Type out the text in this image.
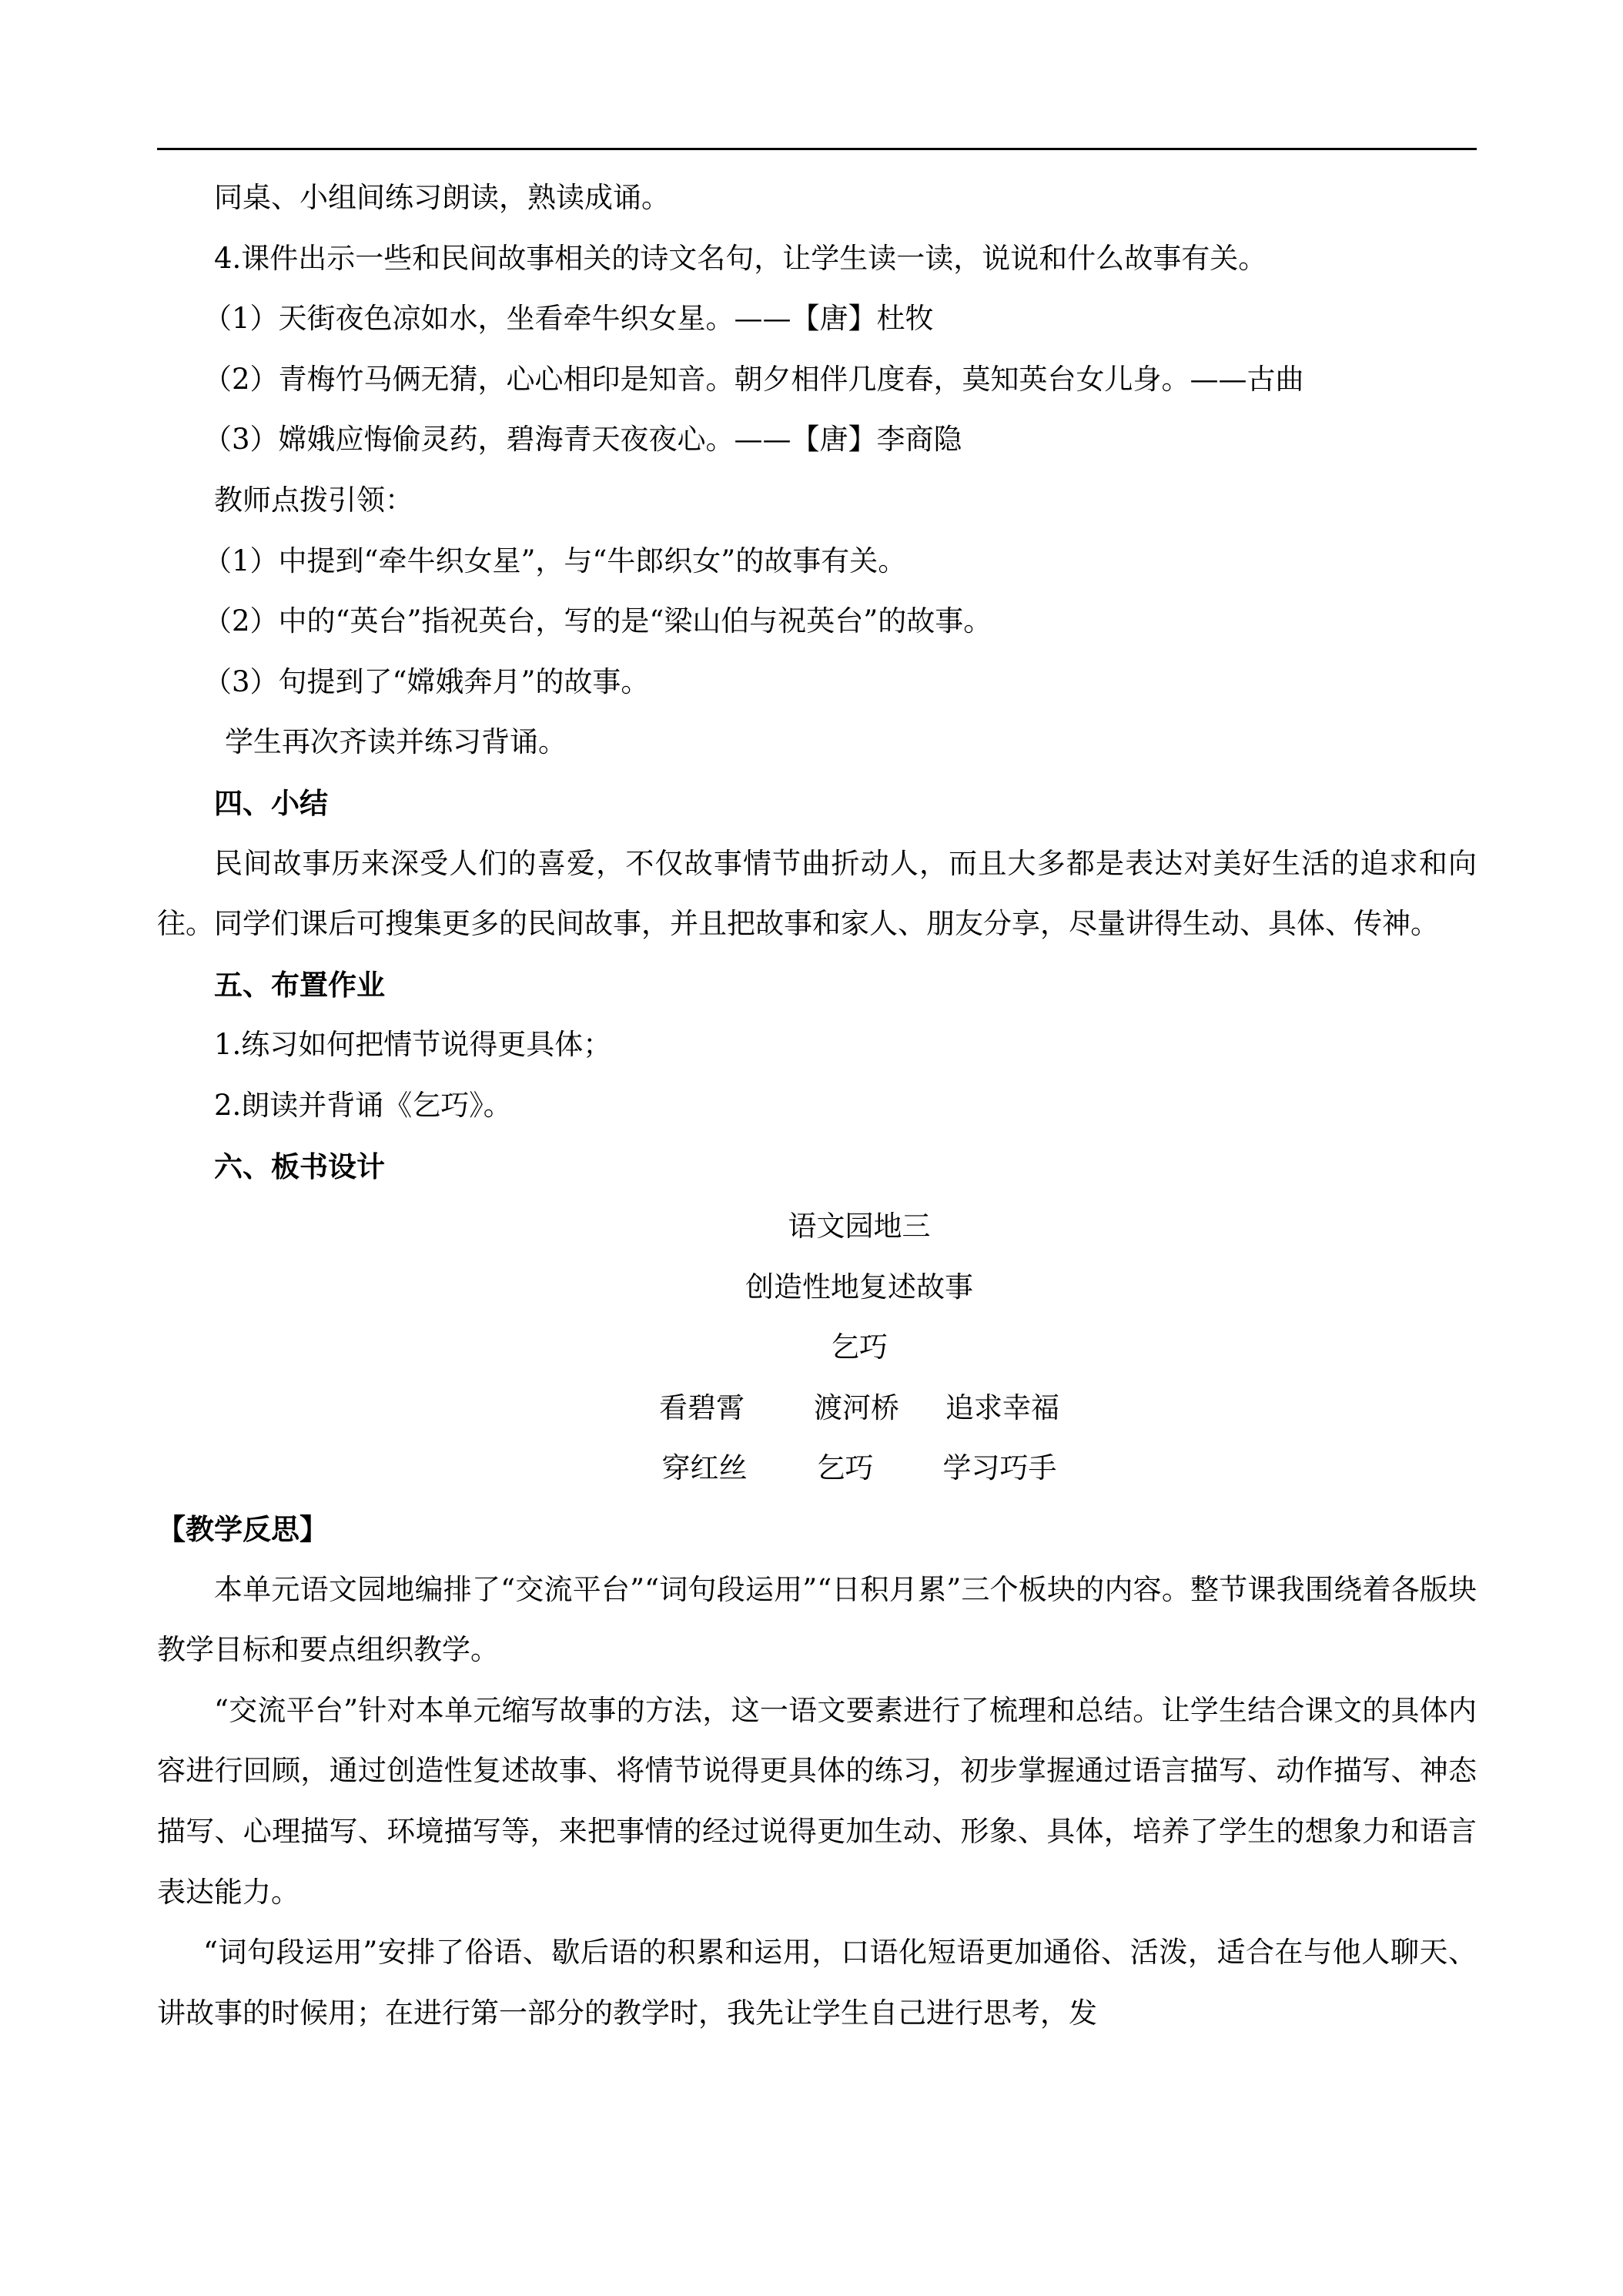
同桌、小组间练习朗读，熟读成诵。
4.课件出示一些和民间故事相关的诗文名句，让学生读一读，说说和什么故事有关。
（1）天街夜色凉如水，坐看牵牛织女星。——【唐】杜牧
（2）青梅竹马俩无猜，心心相印是知音。朝夕相伴几度春，莫知英台女儿身。——古曲
（3）嫦娥应悔偷灵药，碧海青天夜夜心。——【唐】李商隐
教师点拨引领：
（1）中提到“牵牛织女星”，与“牛郎织女”的故事有关。
（2）中的“英台”指祝英台，写的是“梁山伯与祝英台”的故事。
（3）句提到了“嫦娥奔月”的故事。
学生再次齐读并练习背诵。
四、小结
民间故事历来深受人们的喜爱，不仅故事情节曲折动人，而且大多都是表达对美好生活的追求和向往。同学们课后可搜集更多的民间故事，并且把故事和家人、朋友分享，尽量讲得生动、具体、传神。
五、布置作业
1.练习如何把情节说得更具体；
2.朗读并背诵《乞巧》。
六、板书设计
语文园地三
创造性地复述故事
乞巧
看碧霄 渡河桥 追求幸福
穿红丝 乞巧 学习巧手
【教学反思】
本单元语文园地编排了“交流平台”“词句段运用”“日积月累”三个板块的内容。整节课我围绕着各版块教学目标和要点组织教学。
“交流平台”针对本单元缩写故事的方法，这一语文要素进行了梳理和总结。让学生结合课文的具体内容进行回顾，通过创造性复述故事、将情节说得更具体的练习，初步掌握通过语言描写、动作描写、神态描写、心理描写、环境描写等，来把事情的经过说得更加生动、形象、具体，培养了学生的想象力和语言表达能力。
“词句段运用”安排了俗语、歇后语的积累和运用，口语化短语更加通俗、活泼，适合在与他人聊天、讲故事的时候用；在进行第一部分的教学时，我先让学生自己进行思考，发
